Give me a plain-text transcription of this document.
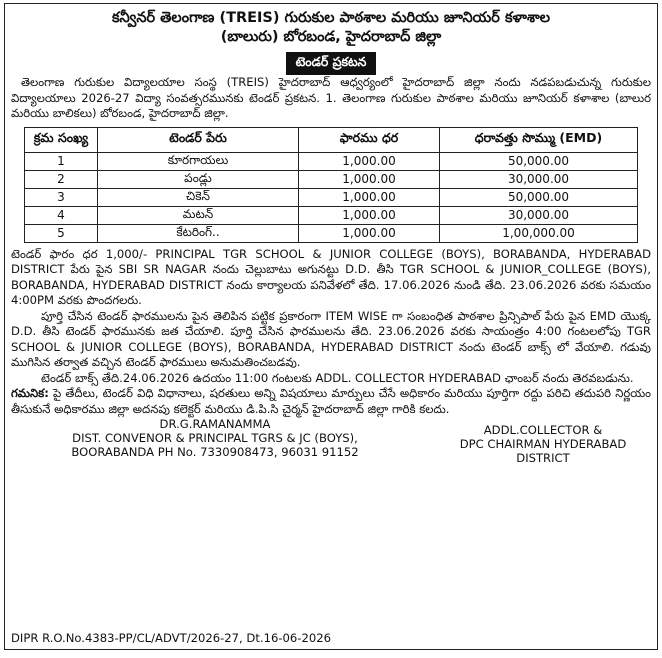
కన్వీనర్ తెలంగాణ (TREIS) గురుకుల పాఠశాల మరియు జూనియర్ కళాశాల
(బాలురు) బోరబండ, హైదరాబాద్ జిల్లా
టెండర్ ప్రకటన

తెలంగాణ గురుకుల విద్యాలయాల సంస్థ (TREIS) హైదరాబాద్ ఆధ్వర్యంలో హైదరాబాద్ జిల్లా నందు నడపబడుచున్న గురుకుల విద్యాలయాలు 2026-27 విద్యా సంవత్సరమునకు టెండర్ ప్రకటన. 1. తెలంగాణ గురుకుల పాఠశాల మరియు జూనియర్ కళాశాల (బాలుర మరియు బాలికలు) బోరబండ, హైదరాబాద్ జిల్లా.

క్రమ సంఖ్య	టెండర్ పేరు	ఫారము ధర	ధరావత్తు సొమ్ము (EMD)
1	కూరగాయలు	1,000.00	50,000.00
2	పండ్లు	1,000.00	30,000.00
3	చికెన్	1,000.00	50,000.00
4	మటన్	1,000.00	30,000.00
5	కేటరింగ్..	1,000.00	1,00,000.00

టెండర్ ఫారం ధర 1,000/- PRINCIPAL TGR SCHOOL & JUNIOR COLLEGE (BOYS), BORABANDA, HYDERABAD DISTRICT పేరు పైన SBI SR NAGAR నందు చెల్లుబాటు అగునట్టు D.D. తీసి TGR SCHOOL & JUNIOR_COLLEGE (BOYS), BORABANDA, HYDERABAD DISTRICT నందు కార్యాలయ పనివేళలో తేది. 17.06.2026 నుండి తేది. 23.06.2026 వరకు సమయం 4:00PM వరకు పొందగలరు.

పూర్తి చేసిన టెండర్ ఫారములను పైన తెలిపిన పట్టిక ప్రకారంగా ITEM WISE గా సంబంధిత పాఠశాల ప్రిన్సిపాల్ పేరు పైన EMD యొక్క D.D. తీసి టెండర్ ఫారమునకు జత చేయాలి. పూర్తి చేసిన ఫారములను తేది. 23.06.2026 వరకు సాయంత్రం 4:00 గంటలలోపు TGR SCHOOL & JUNIOR COLLEGE (BOYS), BORABANDA, HYDERABAD DISTRICT నందు టెండర్ బాక్స్ లో వేయాలి. గడువు ముగిసిన తర్వాత వచ్చిన టెండర్ ఫారములు అనుమతించబడవు.

టెండర్ బాక్స్ తేది.24.06.2026 ఉదయం 11:00 గంటలకు ADDL. COLLECTOR HYDERABAD ఛాంబర్ నందు తెరవబడును.

గమనిక: పై తేదీలు, టెండర్ విధి విధానాలు, షరతులు అన్ని విషయాలు మార్పులు చేసే అధికారం మరియు పూర్తిగా రద్దు పరిచి తదుపరి నిర్ణయం తీసుకునే అధికారము జిల్లా అదనపు కలెక్టర్ మరియు డి.పి.సి చైర్మన్ హైదరాబాద్ జిల్లా గారికి కలదు.

DR.G.RAMANAMMA
DIST. CONVENOR & PRINCIPAL TGRS & JC (BOYS),
BOORABANDA PH No. 7330908473, 96031 91152
ADDL.COLLECTOR &
DPC CHAIRMAN HYDERABAD
DISTRICT
DIPR R.O.No.4383-PP/CL/ADVT/2026-27, Dt.16-06-2026
